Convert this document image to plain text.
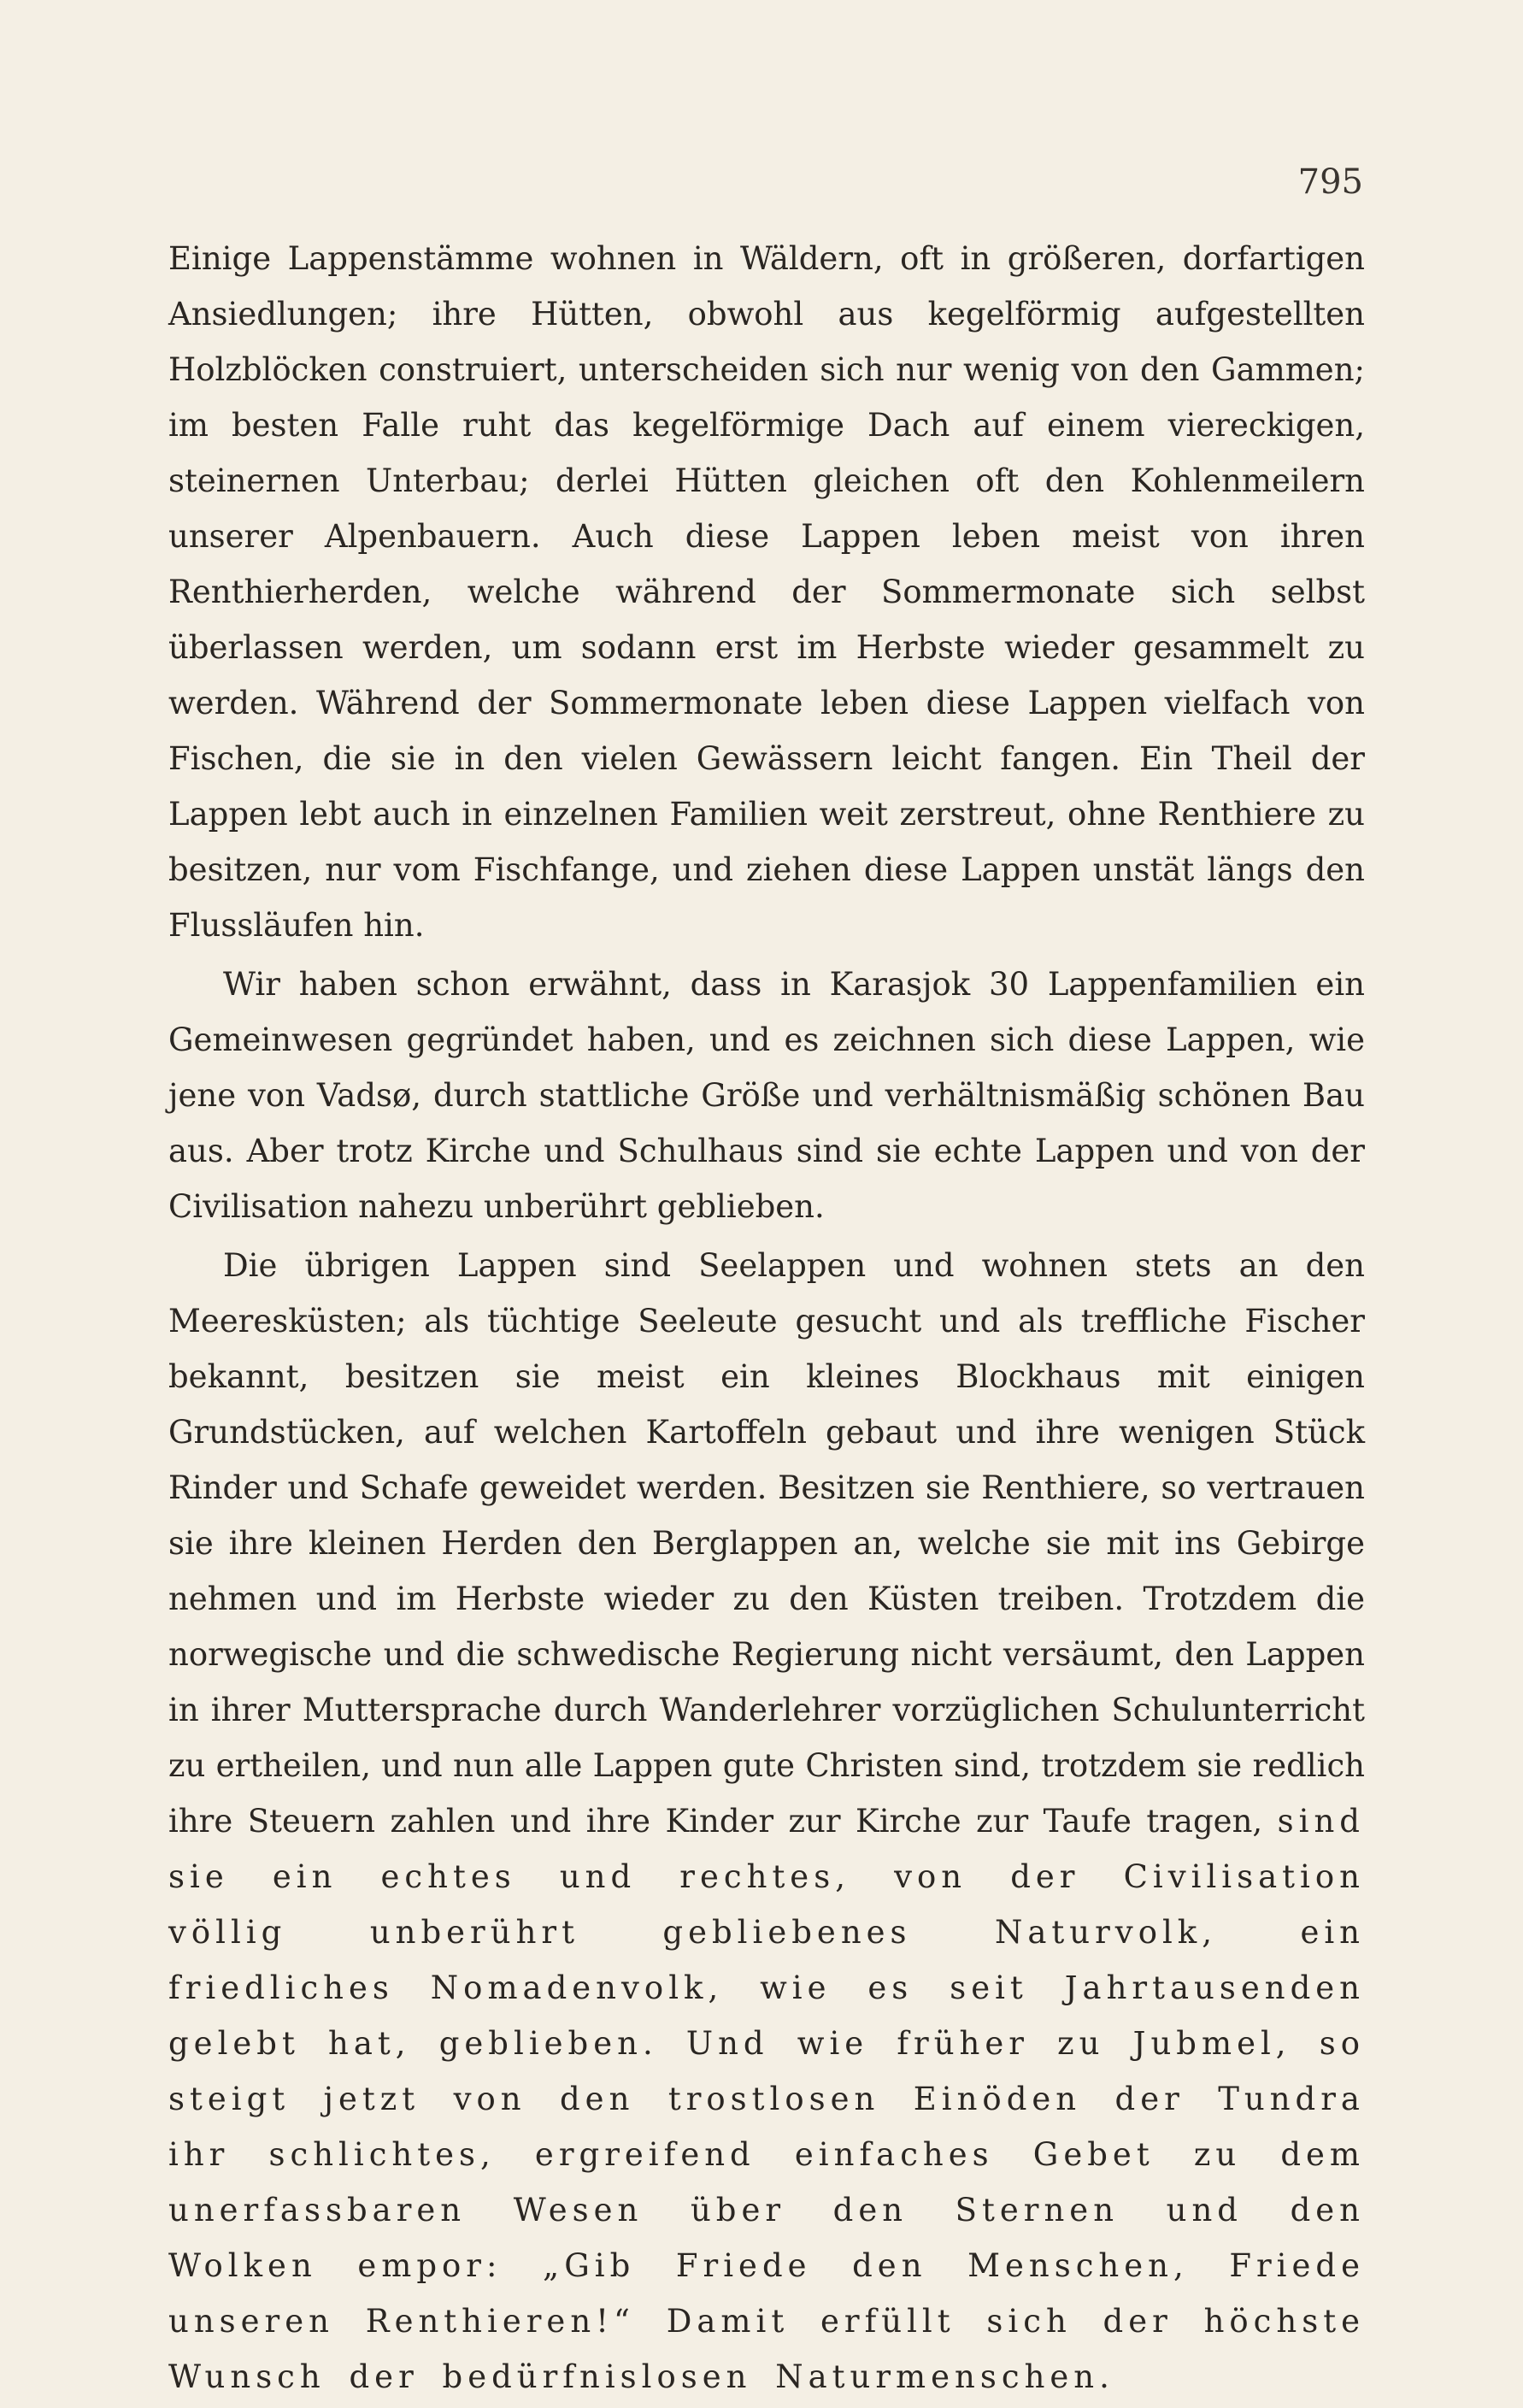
795

Einige Lappenstämme wohnen in Wäldern, oft in größeren, dorfartigen Ansiedlungen; ihre Hütten, obwohl aus kegelförmig aufgestellten Holzblöcken construiert, unterscheiden sich nur wenig von den Gammen; im besten Falle ruht das kegelförmige Dach auf einem viereckigen, steinernen Unterbau; derlei Hütten gleichen oft den Kohlenmeilern unserer Alpenbauern. Auch diese Lappen leben meist von ihren Renthierherden, welche während der Sommermonate sich selbst überlassen werden, um sodann erst im Herbste wieder gesammelt zu werden. Während der Sommermonate leben diese Lappen vielfach von Fischen, die sie in den vielen Gewässern leicht fangen. Ein Theil der Lappen lebt auch in einzelnen Familien weit zerstreut, ohne Renthiere zu besitzen, nur vom Fischfange, und ziehen diese Lappen unstät längs den Flussläufen hin.

Wir haben schon erwähnt, dass in Karasjok 30 Lappenfamilien ein Gemeinwesen gegründet haben, und es zeichnen sich diese Lappen, wie jene von Vadsø, durch stattliche Größe und verhältnismäßig schönen Bau aus. Aber trotz Kirche und Schulhaus sind sie echte Lappen und von der Civilisation nahezu unberührt geblieben.

Die übrigen Lappen sind Seelappen und wohnen stets an den Meeresküsten; als tüchtige Seeleute gesucht und als treffliche Fischer bekannt, besitzen sie meist ein kleines Blockhaus mit einigen Grundstücken, auf welchen Kartoffeln gebaut und ihre wenigen Stück Rinder und Schafe geweidet werden. Besitzen sie Renthiere, so vertrauen sie ihre kleinen Herden den Berglappen an, welche sie mit ins Gebirge nehmen und im Herbste wieder zu den Küsten treiben. Trotzdem die norwegische und die schwedische Regierung nicht versäumt, den Lappen in ihrer Muttersprache durch Wanderlehrer vorzüglichen Schulunterricht zu ertheilen, und nun alle Lappen gute Christen sind, trotzdem sie redlich ihre Steuern zahlen und ihre Kinder zur Kirche zur Taufe tragen, sind sie ein echtes und rechtes, von der Civilisation völlig unberührt gebliebenes Naturvolk, ein friedliches Nomadenvolk, wie es seit Jahrtausenden gelebt hat, geblieben. Und wie früher zu Jubmel, so steigt jetzt von den trostlosen Einöden der Tundra ihr schlichtes, ergreifend einfaches Gebet zu dem unerfassbaren Wesen über den Sternen und den Wolken empor: „Gib Friede den Menschen, Friede unseren Renthieren!“ Damit erfüllt sich der höchste Wunsch der bedürfnislosen Naturmenschen.
